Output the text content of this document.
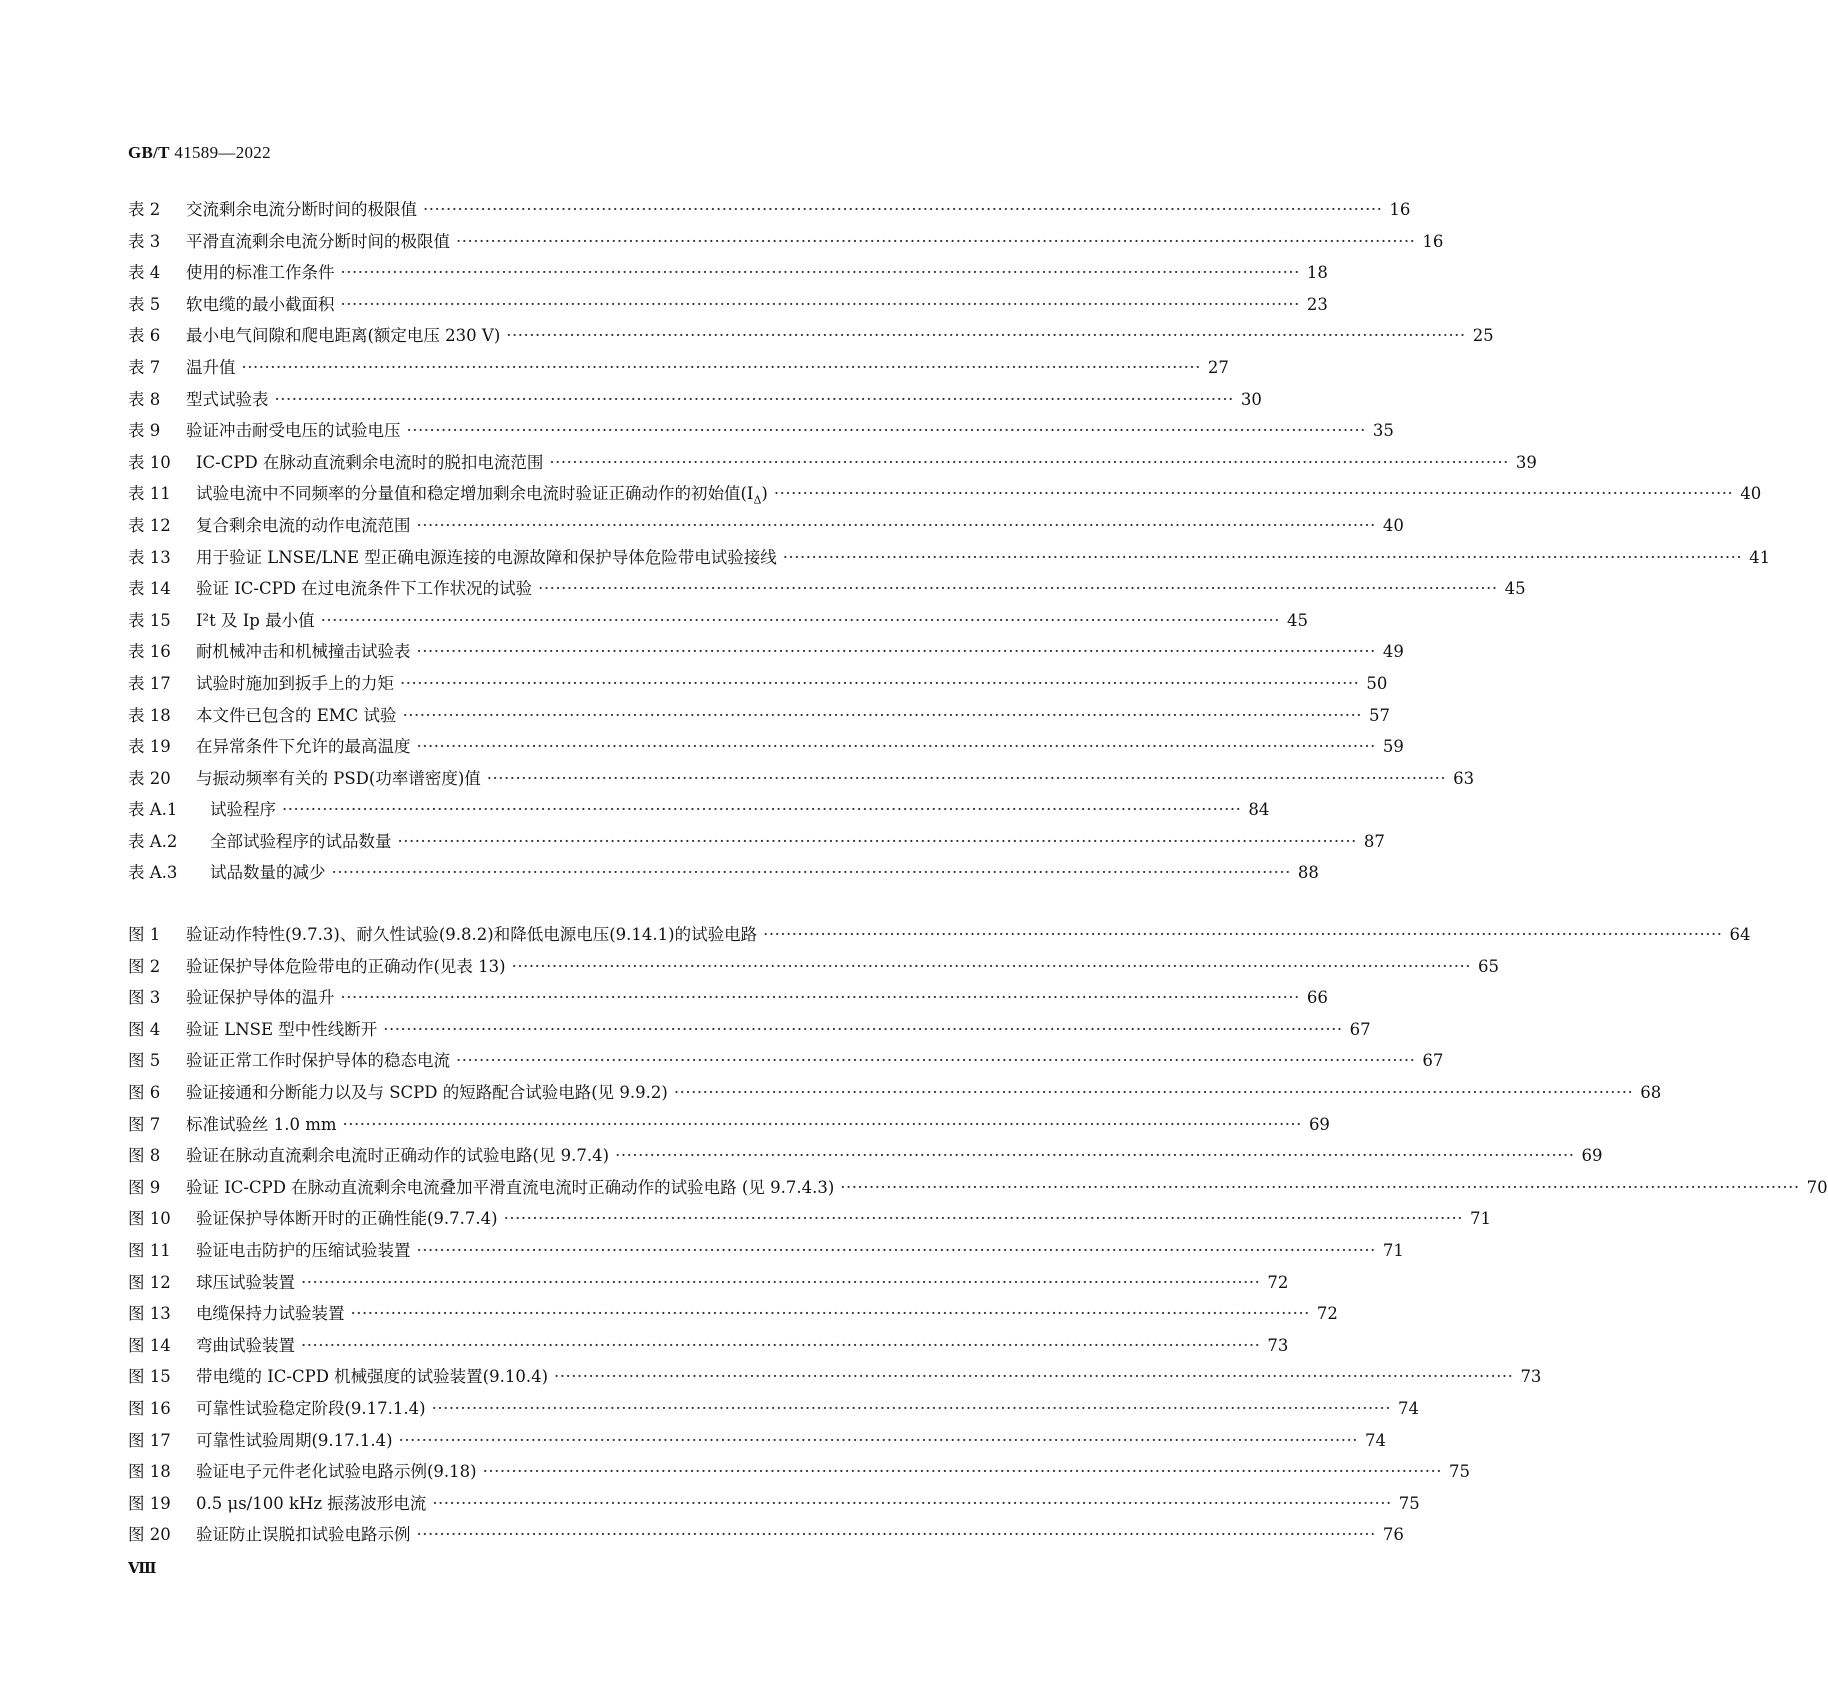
GB/T 41589—2022
表 2	交流剩余电流分断时间的极限值 ·····	16
表 3	平滑直流剩余电流分断时间的极限值 ·····	16
表 4	使用的标准工作条件 ·····	18
表 5	软电缆的最小截面积 ·····	23
表 6	最小电气间隙和爬电距离(额定电压 230 V) ·····	25
表 7	温升值 ·····	27
表 8	型式试验表 ·····	30
表 9	验证冲击耐受电压的试验电压 ·····	35
表 10	IC-CPD 在脉动直流剩余电流时的脱扣电流范围 ·····	39
表 11	试验电流中不同频率的分量值和稳定增加剩余电流时验证正确动作的初始值$(I_\Delta)$ ·····	40
表 12	复合剩余电流的动作电流范围 ·····	40
表 13	用于验证 LNSE/LNE 型正确电源连接的电源故障和保护导体危险带电试验接线 ·····	41
表 14	验证 IC-CPD 在过电流条件下工作状况的试验 ·····	45
表 15	I²t 及 Ip 最小值 ·····	45
表 16	耐机械冲击和机械撞击试验表 ·····	49
表 17	试验时施加到扳手上的力矩 ·····	50
表 18	本文件已包含的 EMC 试验 ·····	57
表 19	在异常条件下允许的最高温度 ·····	59
表 20	与振动频率有关的 PSD(功率谱密度)值 ·····	63
表 A.1	试验程序 ·····	84
表 A.2	全部试验程序的试品数量 ·····	87
表 A.3	试品数量的减少 ·····	88
图 1	验证动作特性(9.7.3)、耐久性试验(9.8.2)和降低电源电压(9.14.1)的试验电路 ·····	64
图 2	验证保护导体危险带电的正确动作(见表 13) ·····	65
图 3	验证保护导体的温升 ·····	66
图 4	验证 LNSE 型中性线断开 ·····	67
图 5	验证正常工作时保护导体的稳态电流 ·····	67
图 6	验证接通和分断能力以及与 SCPD 的短路配合试验电路(见 9.9.2) ·····	68
图 7	标准试验丝 1.0 mm ·····	69
图 8	验证在脉动直流剩余电流时正确动作的试验电路(见 9.7.4) ·····	69
图 9	验证 IC-CPD 在脉动直流剩余电流叠加平滑直流电流时正确动作的试验电路 (见 9.7.4.3) ·····	70
图 10	验证保护导体断开时的正确性能(9.7.7.4) ·····	71
图 11	验证电击防护的压缩试验装置 ·····	71
图 12	球压试验装置 ·····	72
图 13	电缆保持力试验装置 ·····	72
图 14	弯曲试验装置 ·····	73
图 15	带电缆的 IC-CPD 机械强度的试验装置(9.10.4) ·····	73
图 16	可靠性试验稳定阶段(9.17.1.4) ·····	74
图 17	可靠性试验周期(9.17.1.4) ·····	74
图 18	验证电子元件老化试验电路示例(9.18) ·····	75
图 19	0.5 μs/100 kHz 振荡波形电流 ·····	75
图 20	验证防止误脱扣试验电路示例 ·····	76
Ⅷ
